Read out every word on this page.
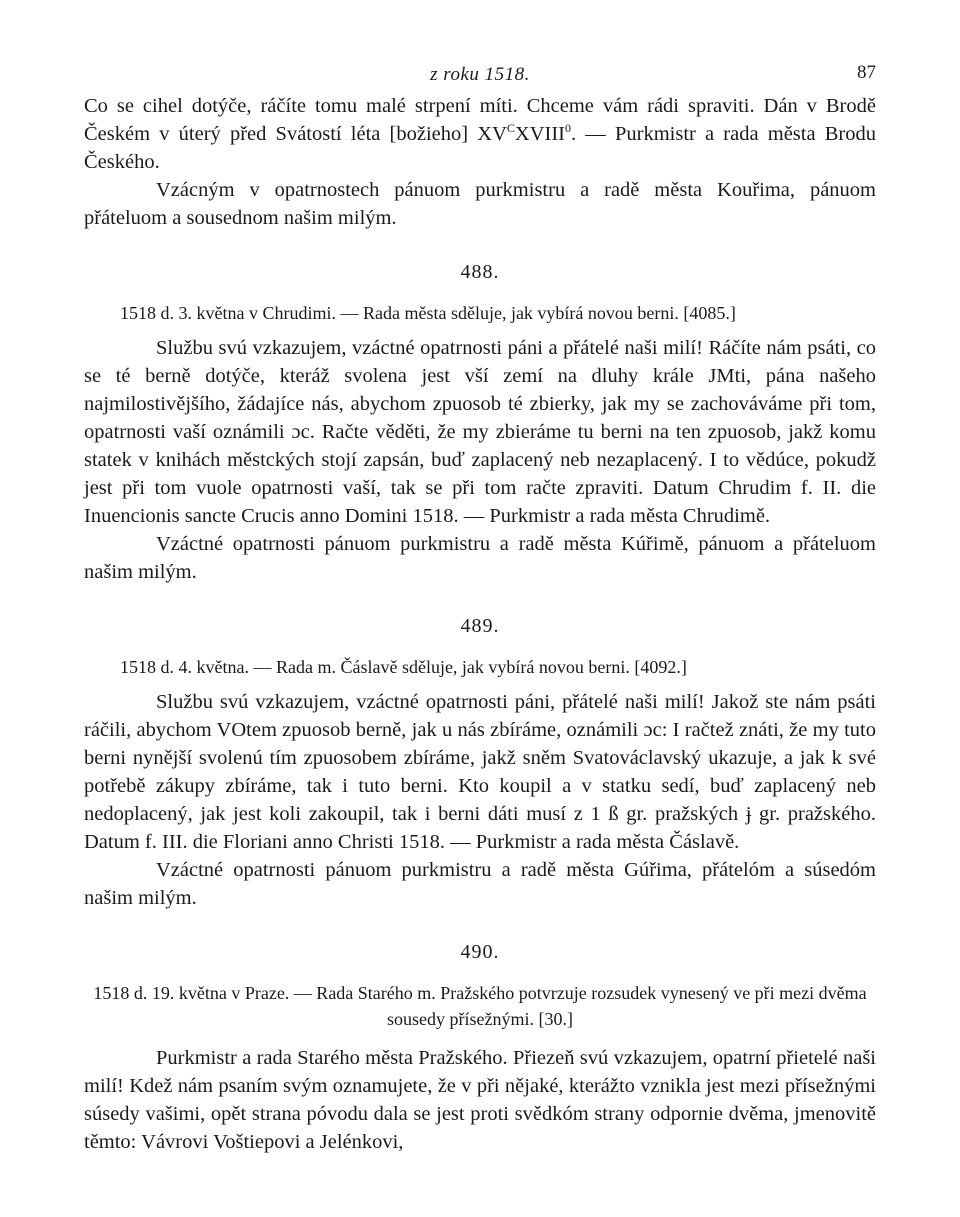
z roku 1518.	87

Co se cihel dotýče, ráčíte tomu malé strpení míti. Chceme vám rádi spraviti. Dán v Brodě Českém v úterý před Svátostí léta [božieho] $XV^CXVIII^0$. — Purkmistr a rada města Brodu Českého.

Vzácným v opatrnostech pánuom purkmistru a radě města Kouřima, pánuom přáteluom a sousednom našim milým.

488.

1518 d. 3. května v Chrudimi. — Rada města sděluje, jak vybírá novou berni. [4085.]

Službu svú vzkazujem, vzáctné opatrnosti páni a přátelé naši milí! Ráčíte nám psáti, co se té berně dotýče, kteráž svolena jest vší zemí na dluhy krále JMti, pána našeho najmilostivějšího, žádajíce nás, abychom zpuosob té zbierky, jak my se zachováváme při tom, opatrnosti vaší oznámili ɔc. Račte věděti, že my zbieráme tu berni na ten zpuosob, jakž komu statek v knihách městckých stojí zapsán, buď zaplacený neb nezaplacený. I to vědúce, pokudž jest při tom vuole opatrnosti vaší, tak se při tom račte zpraviti. Datum Chrudim f. II. die Inuencionis sancte Crucis anno Domini 1518. — Purkmistr a rada města Chrudimě.

Vzáctné opatrnosti pánuom purkmistru a radě města Kúřimě, pánuom a přáteluom našim milým.

489.

1518 d. 4. května. — Rada m. Čáslavě sděluje, jak vybírá novou berni. [4092.]

Službu svú vzkazujem, vzáctné opatrnosti páni, přátelé naši milí! Jakož ste nám psáti ráčili, abychom VOtem zpuosob berně, jak u nás zbíráme, oznámili ɔc: I račtež znáti, že my tuto berni nynější svolenú tím zpuosobem zbíráme, jakž sněm Svatováclavský ukazuje, a jak k své potřebě zákupy zbíráme, tak i tuto berni. Kto koupil a v statku sedí, buď zaplacený neb nedoplacený, jak jest koli zakoupil, tak i berni dáti musí z 1 ß gr. pražských ɉ gr. pražského. Datum f. III. die Floriani anno Christi 1518. — Purkmistr a rada města Čáslavě.

Vzáctné opatrnosti pánuom purkmistru a radě města Gúřima, přátelóm a súsedóm našim milým.

490.

1518 d. 19. května v Praze. — Rada Starého m. Pražského potvrzuje rozsudek vynesený ve při mezi dvěma sousedy přísežnými. [30.]

Purkmistr a rada Starého města Pražského. Přiezeň svú vzkazujem, opatrní přietelé naši milí! Kdež nám psaním svým oznamujete, že v při nějaké, kterážto vznikla jest mezi přísežnými súsedy vašimi, opět strana póvodu dala se jest proti svědkóm strany odpornie dvěma, jmenovitě těmto: Vávrovi Voštiepovi a Jelénkovi,
